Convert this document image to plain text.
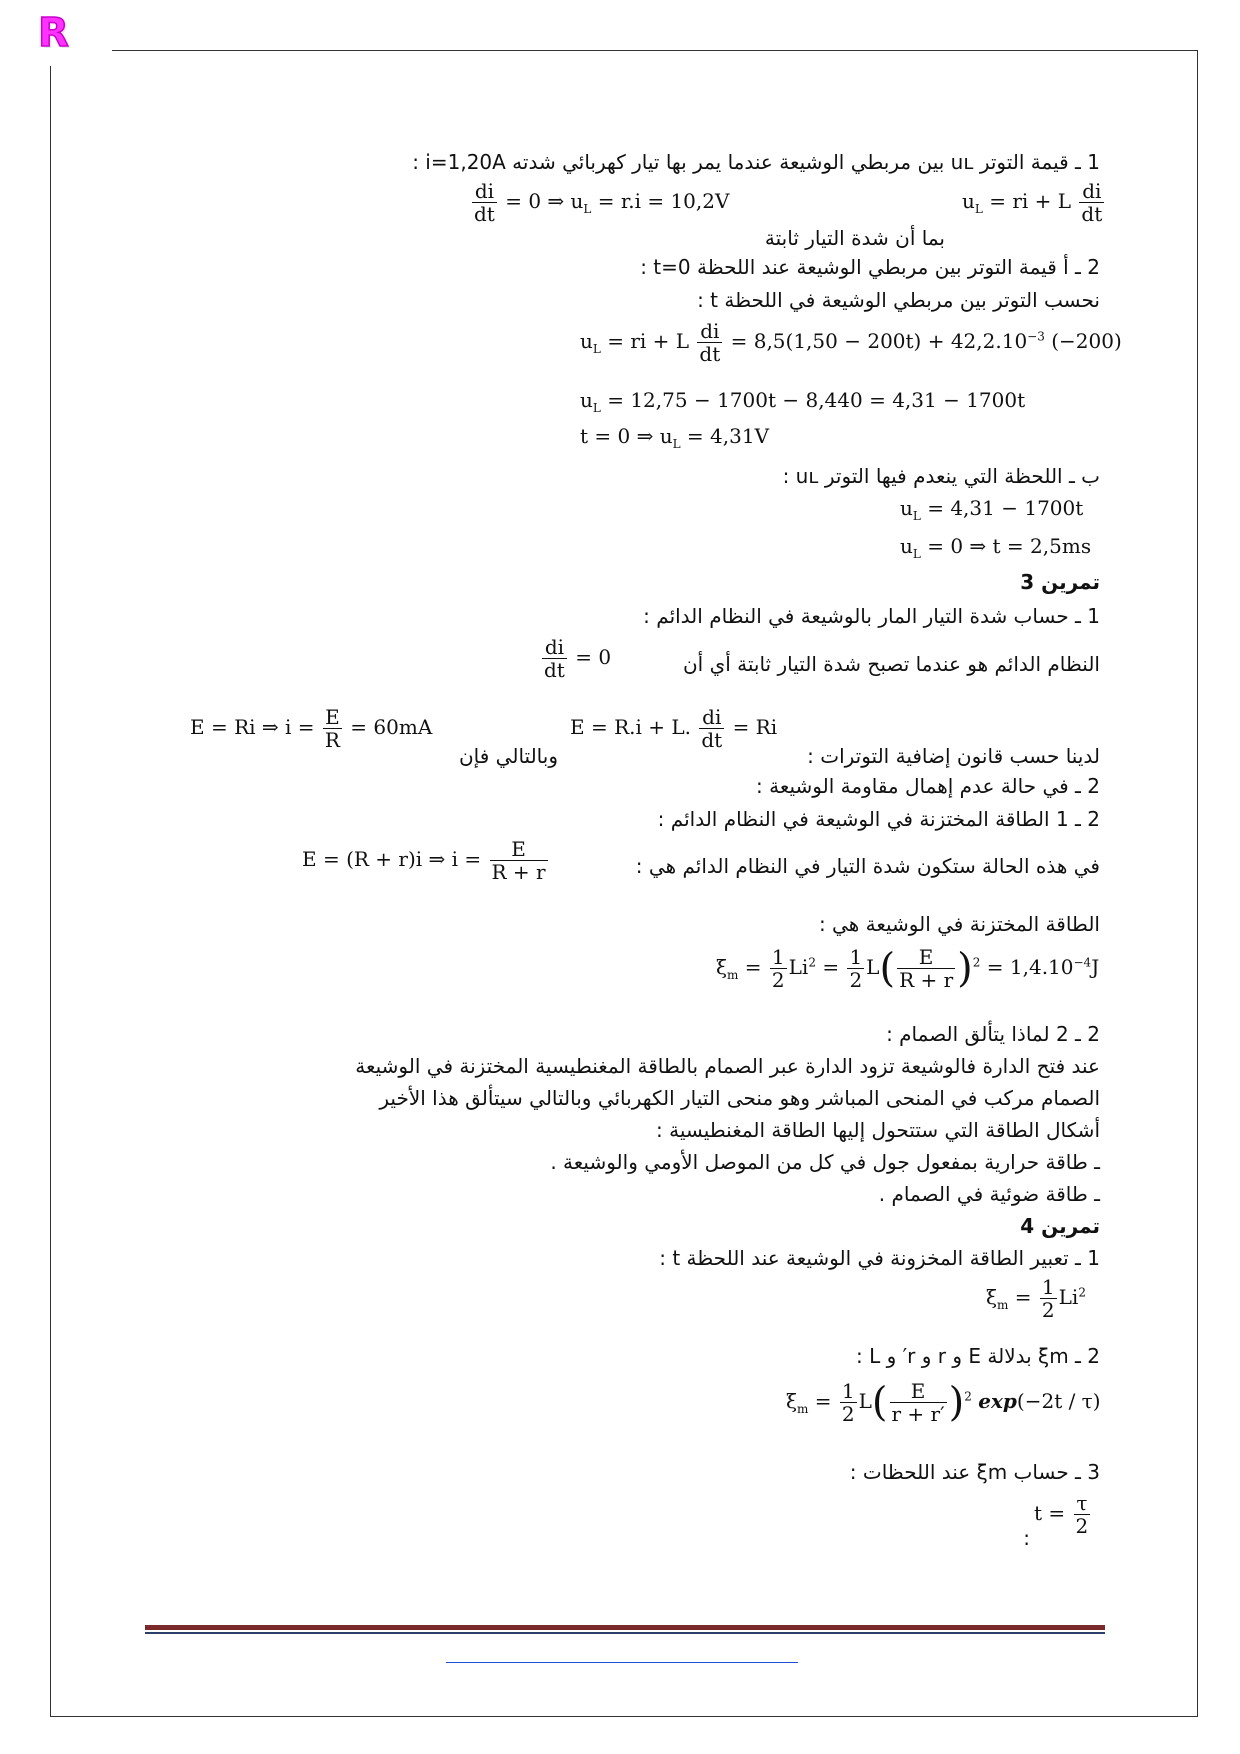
R
1 ـ قيمة التوتر uʟ بين مربطي الوشيعة عندما يمر بها تيار كهربائي شدته i=1,20A :
$u_L$ = ri + L $\frac{di}{dt}$
بما أن شدة التيار ثابتة
$\frac{di}{dt} = 0$ ⇒ $u_L = r.i = 10,2V$
2 ـ أ قيمة التوتر بين مربطي الوشيعة عند اللحظة t=0 :
نحسب التوتر بين مربطي الوشيعة في اللحظة t :
$u_L$ = ri + L $\frac{di}{dt} = 8,5(1,50 - 200t) + 42,2.10^{-3}$ (−200)
$u_L = 12,75 - 1700t - 8,440 = 4,31 - 1700t$
t = 0 ⇒ $u_L = 4,31V$
ب ـ اللحظة التي ينعدم فيها التوتر uʟ :
$u_L = 4,31 - 1700t$
$u_L = 0$ ⇒ t = 2,5ms
تمرين 3
1 ـ حساب شدة التيار المار بالوشيعة في النظام الدائم :
النظام الدائم هو عندما تصبح شدة التيار ثابتة أي أن
$\frac{di}{dt} = 0$
E = R.i + L. $\frac{di}{dt} = Ri$
E = Ri ⇒ $i = \frac{E}{R} = 60mA$
لدينا حسب قانون إضافية التوترات :
وبالتالي فإن
2 ـ في حالة عدم إهمال مقاومة الوشيعة :
2 ـ 1 الطاقة المختزنة في الوشيعة في النظام الدائم :
في هذه الحالة ستكون شدة التيار في النظام الدائم هي :
E = (R + r)i ⇒ $i = \frac{E}{R + r}$
الطاقة المختزنة في الوشيعة هي :
$\xi_m = \frac{1}{2} Li^2 = \frac{1}{2} L( \frac{E}{R + r} )^2 = 1,4.10^{-4}J$
2 ـ 2 لماذا يتألق الصمام :
عند فتح الدارة فالوشيعة تزود الدارة عبر الصمام بالطاقة المغنطيسية المختزنة في الوشيعة
الصمام مركب في المنحى المباشر وهو منحى التيار الكهربائي وبالتالي سيتألق هذا الأخير
أشكال الطاقة التي ستتحول إليها الطاقة المغنطيسية :
ـ طاقة حرارية بمفعول جول في كل من الموصل الأومي والوشيعة .
ـ طاقة ضوئية في الصمام .
تمرين 4
1 ـ تعبير الطاقة المخزونة في الوشيعة عند اللحظة t :
$\xi_m = \frac{1}{2} Li^2$
2 ـ ξm بدلالة E و r و r′ و L :
$\xi_m = \frac{1}{2} L( \frac{E}{r + r'} )^2$ exp(−2t / τ)
3 ـ حساب ξm عند اللحظات :
$t = \frac{\tau}{2}$
:
